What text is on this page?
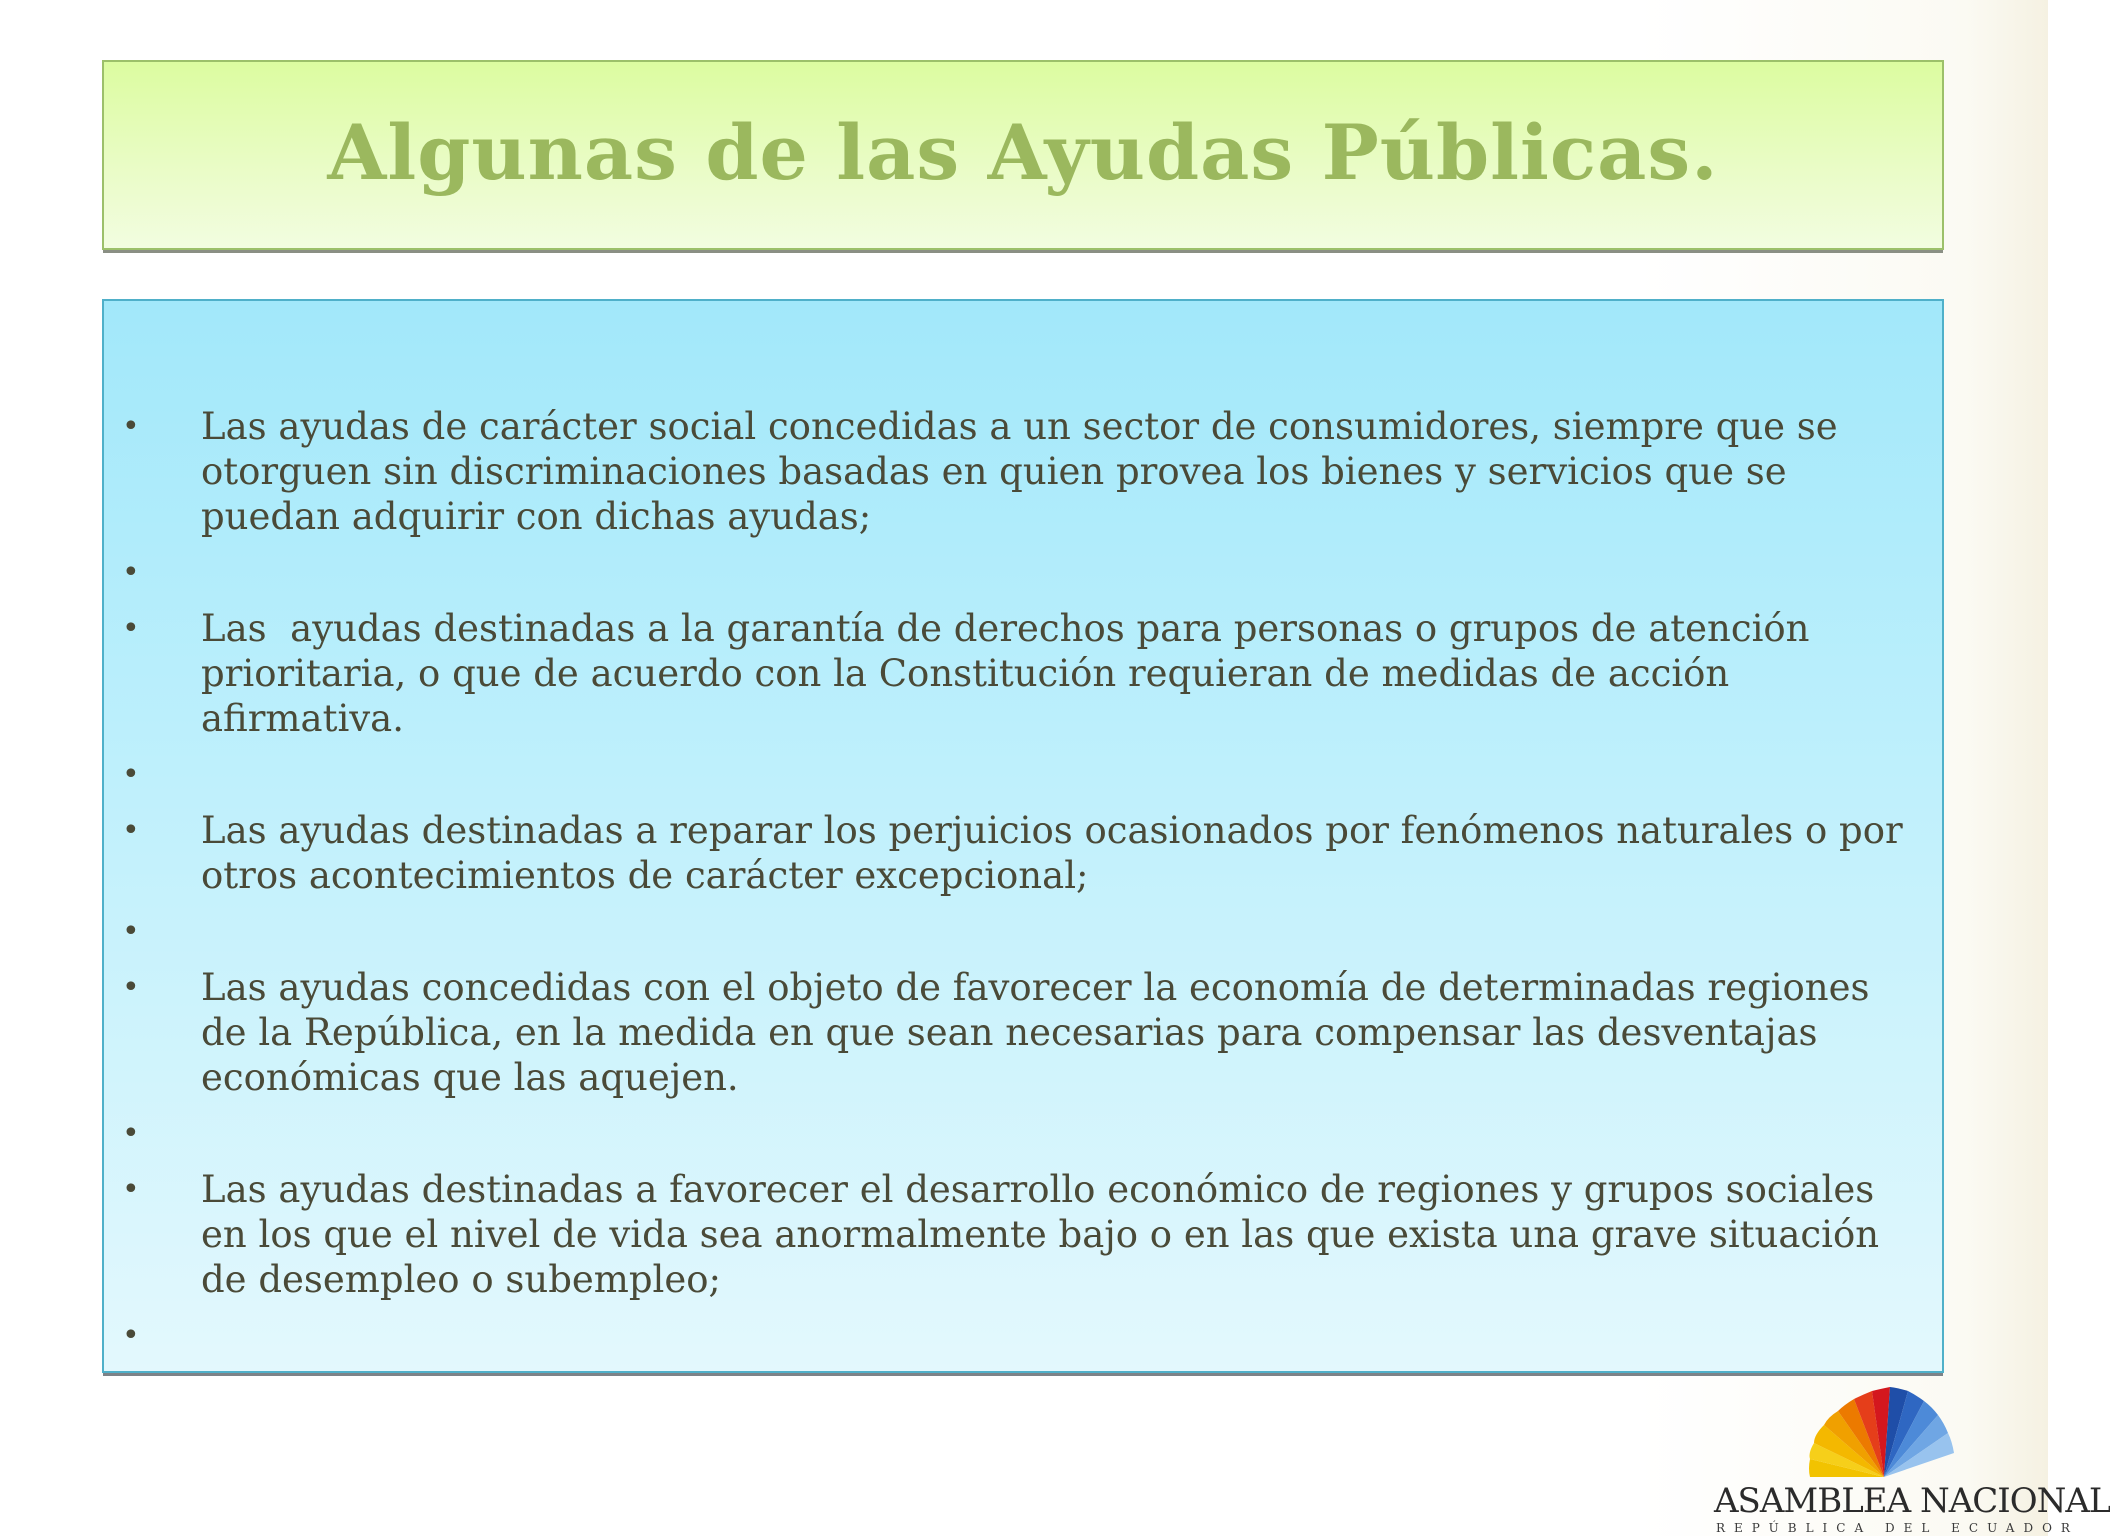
Algunas de las Ayudas Públicas.
• Las ayudas de carácter social concedidas a un sector de consumidores, siempre que se otorguen sin discriminaciones basadas en quien provea los bienes y servicios que se puedan adquirir con dichas ayudas;
•
• Las  ayudas destinadas a la garantía de derechos para personas o grupos de atención prioritaria, o que de acuerdo con la Constitución requieran de medidas de acción afirmativa.
•
• Las ayudas destinadas a reparar los perjuicios ocasionados por fenómenos naturales o por otros acontecimientos de carácter excepcional;
•
• Las ayudas concedidas con el objeto de favorecer la economía de determinadas regiones de la República, en la medida en que sean necesarias para compensar las desventajas económicas que las aquejen.
•
• Las ayudas destinadas a favorecer el desarrollo económico de regiones y grupos sociales en los que el nivel de vida sea anormalmente bajo o en las que exista una grave situación de desempleo o subempleo;
•
ASAMBLEA NACIONAL
REPÚBLICA DEL ECUADOR
